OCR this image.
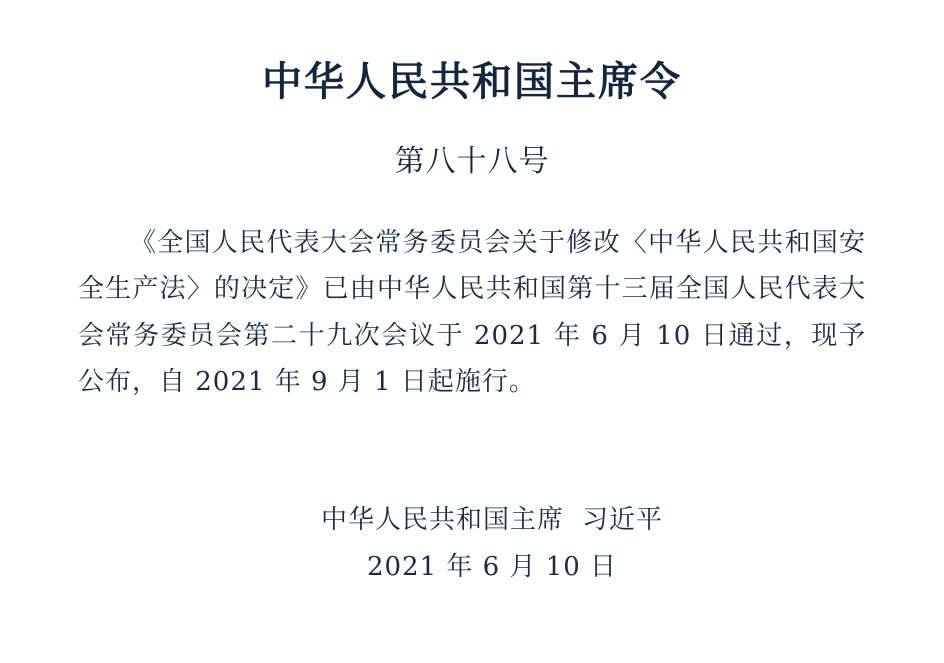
中华人民共和国主席令
第八十八号

《全国人民代表大会常务委员会关于修改〈中华人民共和国安全生产法〉的决定》已由中华人民共和国第十三届全国人民代表大会常务委员会第二十九次会议于 2021 年 6 月 10 日通过，现予公布，自 2021 年 9 月 1 日起施行。

中华人民共和国主席 习近平

2021 年 6 月 10 日
